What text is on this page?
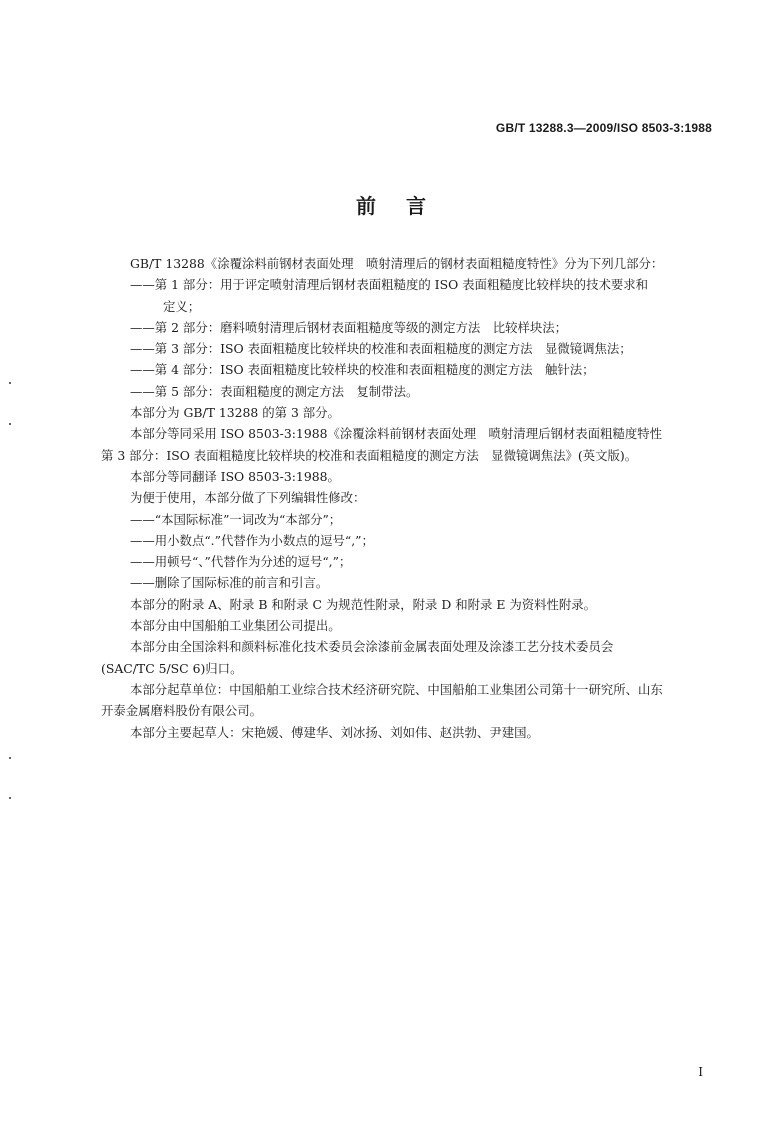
GB/T 13288.3—2009/ISO 8503-3:1988
前言

GB/T 13288《涂覆涂料前钢材表面处理　喷射清理后的钢材表面粗糙度特性》分为下列几部分：

——第 1 部分：用于评定喷射清理后钢材表面粗糙度的 ISO 表面粗糙度比较样块的技术要求和

定义；

——第 2 部分：磨料喷射清理后钢材表面粗糙度等级的测定方法　比较样块法；

——第 3 部分：ISO 表面粗糙度比较样块的校准和表面粗糙度的测定方法　显微镜调焦法；

——第 4 部分：ISO 表面粗糙度比较样块的校准和表面粗糙度的测定方法　触针法；

——第 5 部分：表面粗糙度的测定方法　复制带法。

本部分为 GB/T 13288 的第 3 部分。

本部分等同采用 ISO 8503-3:1988《涂覆涂料前钢材表面处理　喷射清理后钢材表面粗糙度特性

第 3 部分：ISO 表面粗糙度比较样块的校准和表面粗糙度的测定方法　显微镜调焦法》(英文版)。

本部分等同翻译 ISO 8503-3:1988。

为便于使用，本部分做了下列编辑性修改：

——“本国际标准”一词改为“本部分”；

——用小数点“.”代替作为小数点的逗号“,”；

——用顿号“、”代替作为分述的逗号“,”；

——删除了国际标准的前言和引言。

本部分的附录 A、附录 B 和附录 C 为规范性附录，附录 D 和附录 E 为资料性附录。

本部分由中国船舶工业集团公司提出。

本部分由全国涂料和颜料标准化技术委员会涂漆前金属表面处理及涂漆工艺分技术委员会

(SAC/TC 5/SC 6)归口。

本部分起草单位：中国船舶工业综合技术经济研究院、中国船舶工业集团公司第十一研究所、山东

开泰金属磨料股份有限公司。

本部分主要起草人：宋艳媛、傅建华、刘冰扬、刘如伟、赵洪勃、尹建国。

I
